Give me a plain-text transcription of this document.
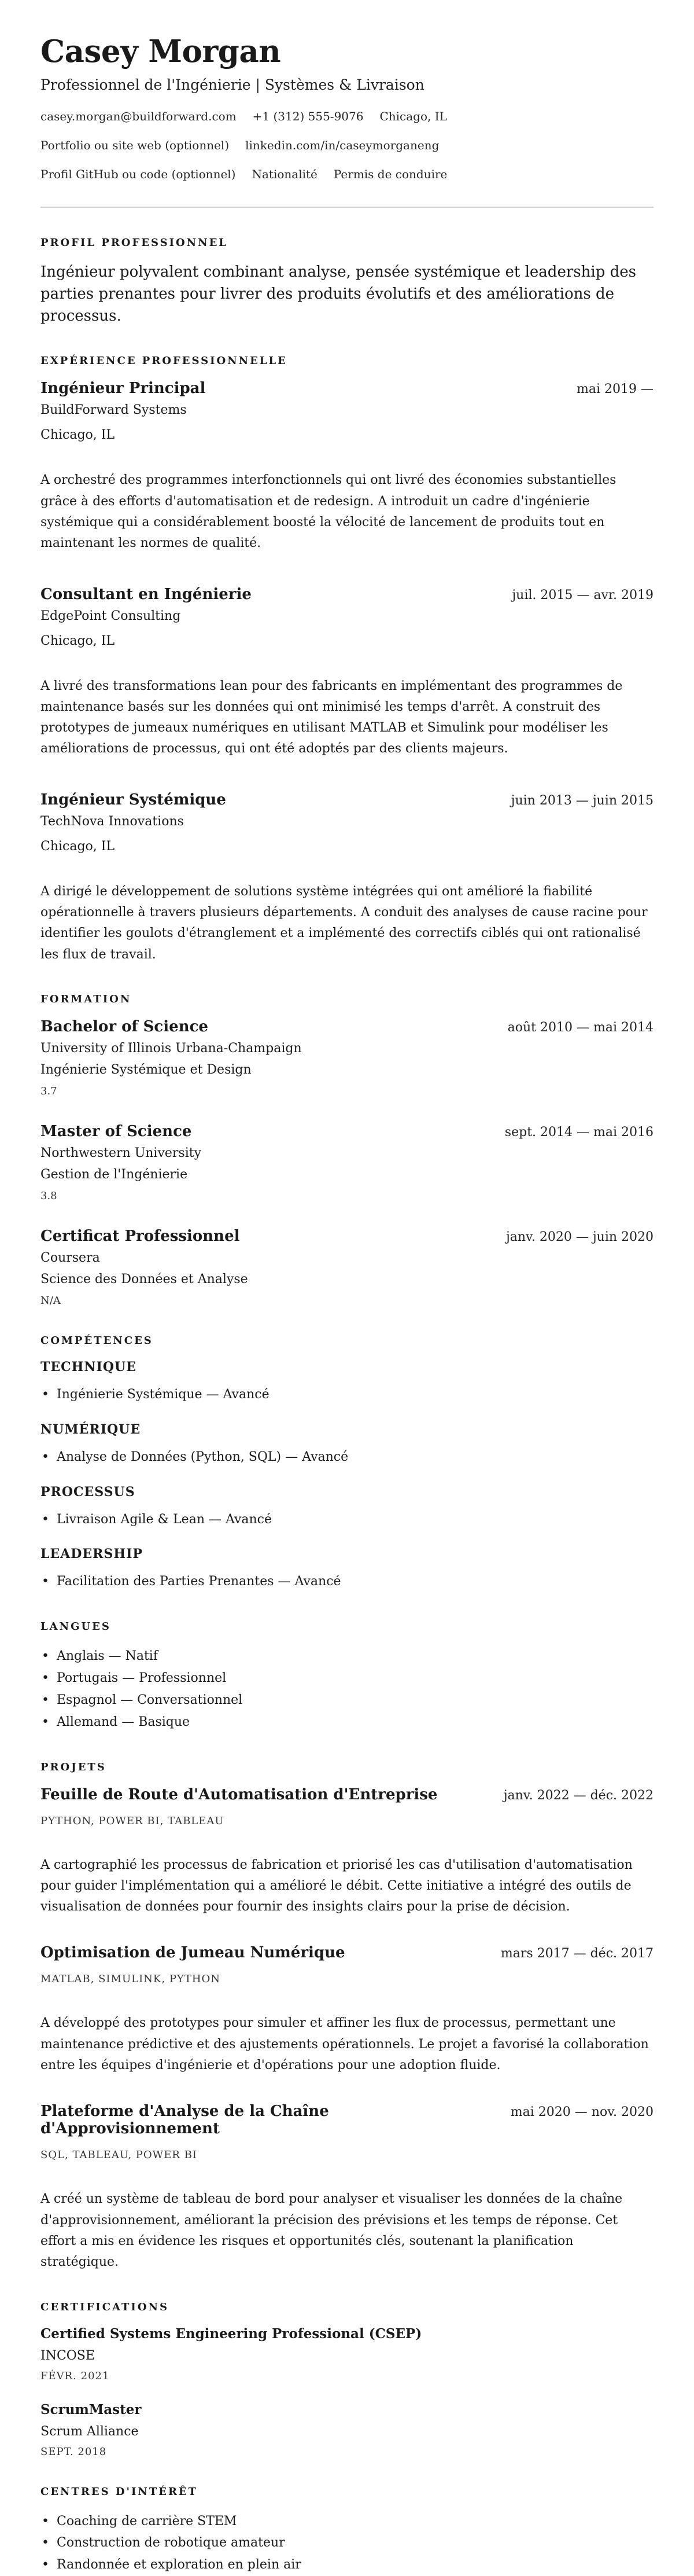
Casey Morgan
Professionnel de l'Ingénierie | Systèmes & Livraison
casey.morgan@buildforward.com +1 (312) 555-9076 Chicago, IL
Portfolio ou site web (optionnel) linkedin.com/in/caseymorganeng
Profil GitHub ou code (optionnel) Nationalité Permis de conduire
PROFIL PROFESSIONNEL

Ingénieur polyvalent combinant analyse, pensée systémique et leadership des parties prenantes pour livrer des produits évolutifs et des améliorations de processus.

EXPÉRIENCE PROFESSIONNELLE
Ingénieur Principal	mai 2019 —
BuildForward Systems
Chicago, IL

A orchestré des programmes interfonctionnels qui ont livré des économies substantielles grâce à des efforts d'automatisation et de redesign. A introduit un cadre d'ingénierie systémique qui a considérablement boosté la vélocité de lancement de produits tout en maintenant les normes de qualité.

Consultant en Ingénierie	juil. 2015 — avr. 2019
EdgePoint Consulting
Chicago, IL

A livré des transformations lean pour des fabricants en implémentant des programmes de maintenance basés sur les données qui ont minimisé les temps d'arrêt. A construit des prototypes de jumeaux numériques en utilisant MATLAB et Simulink pour modéliser les améliorations de processus, qui ont été adoptés par des clients majeurs.

Ingénieur Systémique	juin 2013 — juin 2015
TechNova Innovations
Chicago, IL

A dirigé le développement de solutions système intégrées qui ont amélioré la fiabilité opérationnelle à travers plusieurs départements. A conduit des analyses de cause racine pour identifier les goulots d'étranglement et a implémenté des correctifs ciblés qui ont rationalisé les flux de travail.

FORMATION
Bachelor of Science	août 2010 — mai 2014
University of Illinois Urbana-Champaign
Ingénierie Systémique et Design
3.7
Master of Science	sept. 2014 — mai 2016
Northwestern University
Gestion de l'Ingénierie
3.8
Certificat Professionnel	janv. 2020 — juin 2020
Coursera
Science des Données et Analyse
N/A
COMPÉTENCES
TECHNIQUE
• Ingénierie Systémique — Avancé
NUMÉRIQUE
• Analyse de Données (Python, SQL) — Avancé
PROCESSUS
• Livraison Agile & Lean — Avancé
LEADERSHIP
• Facilitation des Parties Prenantes — Avancé
LANGUES
• Anglais — Natif
• Portugais — Professionnel
• Espagnol — Conversationnel
• Allemand — Basique
PROJETS
Feuille de Route d'Automatisation d'Entreprise	janv. 2022 — déc. 2022
PYTHON, POWER BI, TABLEAU

A cartographié les processus de fabrication et priorisé les cas d'utilisation d'automatisation pour guider l'implémentation qui a amélioré le débit. Cette initiative a intégré des outils de visualisation de données pour fournir des insights clairs pour la prise de décision.

Optimisation de Jumeau Numérique	mars 2017 — déc. 2017
MATLAB, SIMULINK, PYTHON

A développé des prototypes pour simuler et affiner les flux de processus, permettant une maintenance prédictive et des ajustements opérationnels. Le projet a favorisé la collaboration entre les équipes d'ingénierie et d'opérations pour une adoption fluide.

Plateforme d'Analyse de la Chaîne d'Approvisionnement
mai 2020 — nov. 2020
SQL, TABLEAU, POWER BI

A créé un système de tableau de bord pour analyser et visualiser les données de la chaîne d'approvisionnement, améliorant la précision des prévisions et les temps de réponse. Cet effort a mis en évidence les risques et opportunités clés, soutenant la planification stratégique.

CERTIFICATIONS
Certified Systems Engineering Professional (CSEP)
INCOSE
FÉVR. 2021
ScrumMaster
Scrum Alliance
SEPT. 2018
CENTRES D'INTÉRÊT
• Coaching de carrière STEM
• Construction de robotique amateur
• Randonnée et exploration en plein air
